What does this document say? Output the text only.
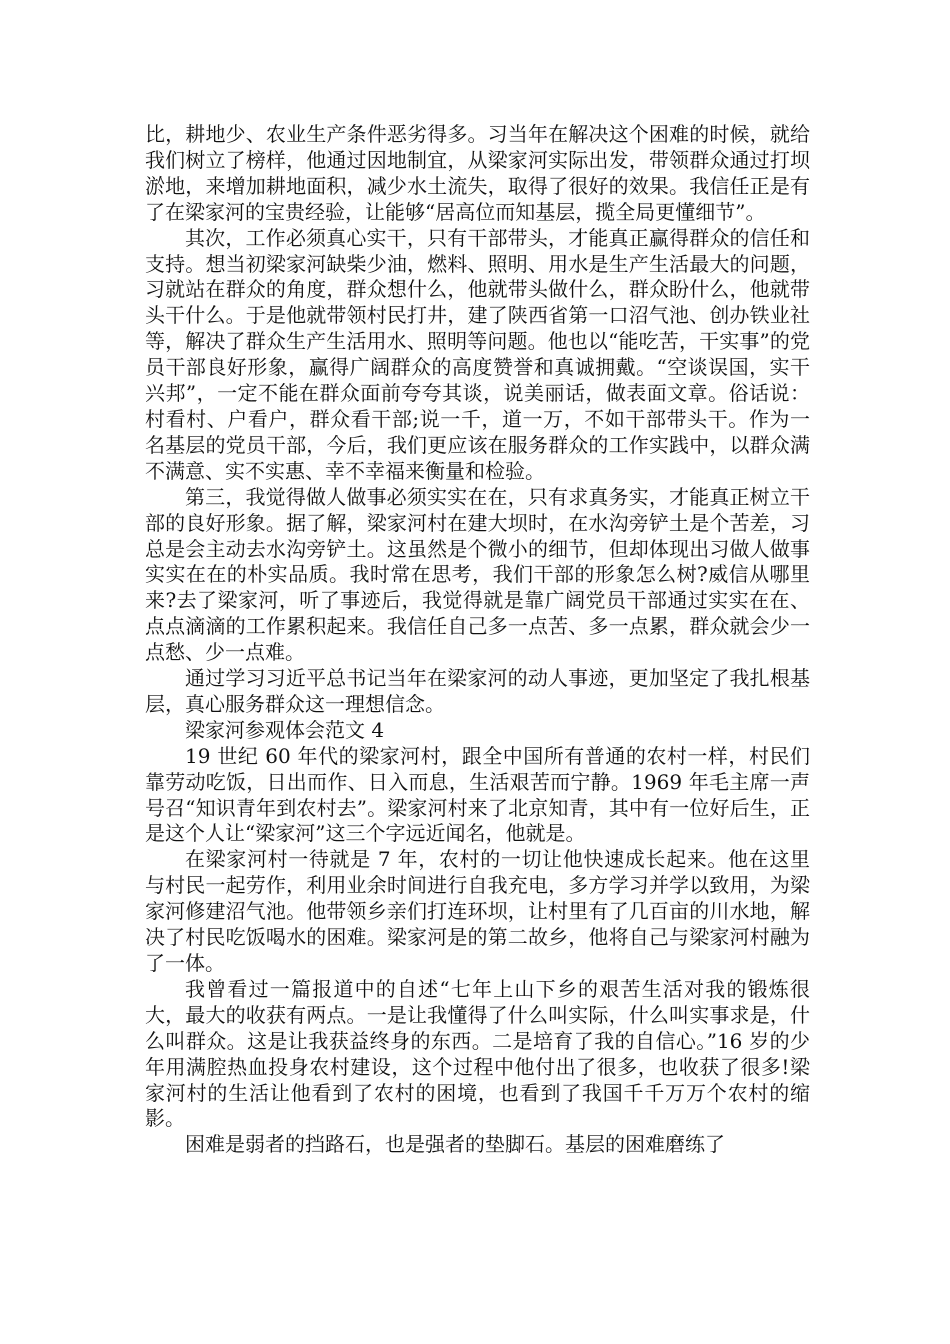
比，耕地少、农业生产条件恶劣得多。习当年在解决这个困难的时候，就给我们树立了榜样，他通过因地制宜，从梁家河实际出发，带领群众通过打坝淤地，来增加耕地面积，减少水土流失，取得了很好的效果。我信任正是有了在梁家河的宝贵经验，让能够“居高位而知基层，揽全局更懂细节”。

其次，工作必须真心实干，只有干部带头，才能真正赢得群众的信任和支持。想当初梁家河缺柴少油，燃料、照明、用水是生产生活最大的问题，习就站在群众的角度，群众想什么，他就带头做什么，群众盼什么，他就带头干什么。于是他就带领村民打井，建了陕西省第一口沼气池、创办铁业社等，解决了群众生产生活用水、照明等问题。他也以“能吃苦，干实事”的党员干部良好形象，赢得广阔群众的高度赞誉和真诚拥戴。“空谈误国，实干兴邦”，一定不能在群众面前夸夸其谈，说美丽话，做表面文章。俗话说：村看村、户看户，群众看干部;说一千，道一万，不如干部带头干。作为一名基层的党员干部，今后，我们更应该在服务群众的工作实践中，以群众满不满意、实不实惠、幸不幸福来衡量和检验。

第三，我觉得做人做事必须实实在在，只有求真务实，才能真正树立干部的良好形象。据了解，梁家河村在建大坝时，在水沟旁铲土是个苦差，习总是会主动去水沟旁铲土。这虽然是个微小的细节，但却体现出习做人做事实实在在的朴实品质。我时常在思考，我们干部的形象怎么树?威信从哪里来?去了梁家河，听了事迹后，我觉得就是靠广阔党员干部通过实实在在、点点滴滴的工作累积起来。我信任自己多一点苦、多一点累，群众就会少一点愁、少一点难。

通过学习习近平总书记当年在梁家河的动人事迹，更加坚定了我扎根基层，真心服务群众这一理想信念。

梁家河参观体会范文 4

19 世纪 60 年代的梁家河村，跟全中国所有普通的农村一样，村民们靠劳动吃饭，日出而作、日入而息，生活艰苦而宁静。1969 年毛主席一声号召“知识青年到农村去”。梁家河村来了北京知青，其中有一位好后生，正是这个人让“梁家河”这三个字远近闻名，他就是。

在梁家河村一待就是 7 年，农村的一切让他快速成长起来。他在这里与村民一起劳作，利用业余时间进行自我充电，多方学习并学以致用，为梁家河修建沼气池。他带领乡亲们打连环坝，让村里有了几百亩的川水地，解决了村民吃饭喝水的困难。梁家河是的第二故乡，他将自己与梁家河村融为了一体。

我曾看过一篇报道中的自述“七年上山下乡的艰苦生活对我的锻炼很大，最大的收获有两点。一是让我懂得了什么叫实际，什么叫实事求是，什么叫群众。这是让我获益终身的东西。二是培育了我的自信心。”16 岁的少年用满腔热血投身农村建设，这个过程中他付出了很多，也收获了很多!梁家河村的生活让他看到了农村的困境，也看到了我国千千万万个农村的缩影。

困难是弱者的挡路石，也是强者的垫脚石。基层的困难磨练了
